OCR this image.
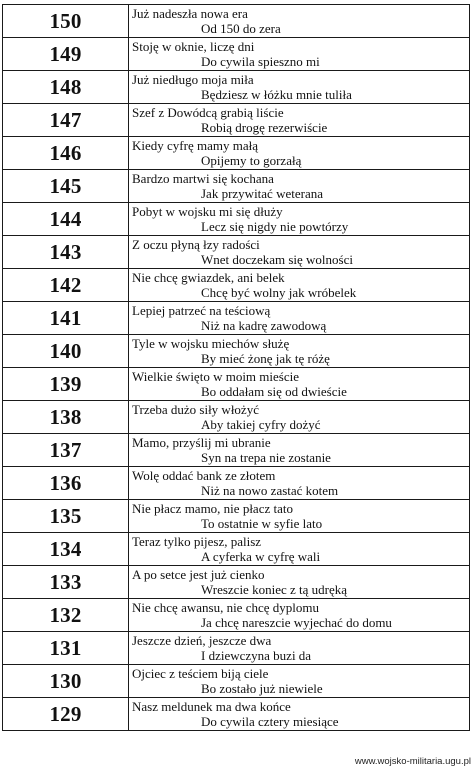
150	Już nadeszła nowa era
Od 150 do zera

149	Stoję w oknie, liczę dni
Do cywila spieszno mi

148	Już niedługo moja miła
Będziesz w łóżku mnie tuliła

147	Szef z Dowódcą grabią liście
Robią drogę rezerwiście

146	Kiedy cyfrę mamy małą
Opijemy to gorzałą

145	Bardzo martwi się kochana
Jak przywitać weterana

144	Pobyt w wojsku mi się dłuży
Lecz się nigdy nie powtórzy

143	Z oczu płyną łzy radości
Wnet doczekam się wolności

142	Nie chcę gwiazdek, ani belek
Chcę być wolny jak wróbelek

141	Lepiej patrzeć na teściową
Niż na kadrę zawodową

140	Tyle w wojsku miechów służę
By mieć żonę jak tę różę

139	Wielkie święto w moim mieście
Bo oddałam się od dwieście

138	Trzeba dużo siły włożyć
Aby takiej cyfry dożyć

137	Mamo, przyślij mi ubranie
Syn na trepa nie zostanie

136	Wolę oddać bank ze złotem
Niż na nowo zastać kotem

135	Nie płacz mamo, nie płacz tato
To ostatnie w syfie lato

134	Teraz tylko pijesz, palisz
A cyferka w cyfrę wali

133	A po setce jest już cienko
Wreszcie koniec z tą udręką

132	Nie chcę awansu, nie chcę dyplomu
Ja chcę nareszcie wyjechać do domu

131	Jeszcze dzień, jeszcze dwa
I dziewczyna buzi da

130	Ojciec z teściem biją ciele
Bo zostało już niewiele

129	Nasz meldunek ma dwa końce
Do cywila cztery miesiące
www.wojsko-militaria.ugu.pl
